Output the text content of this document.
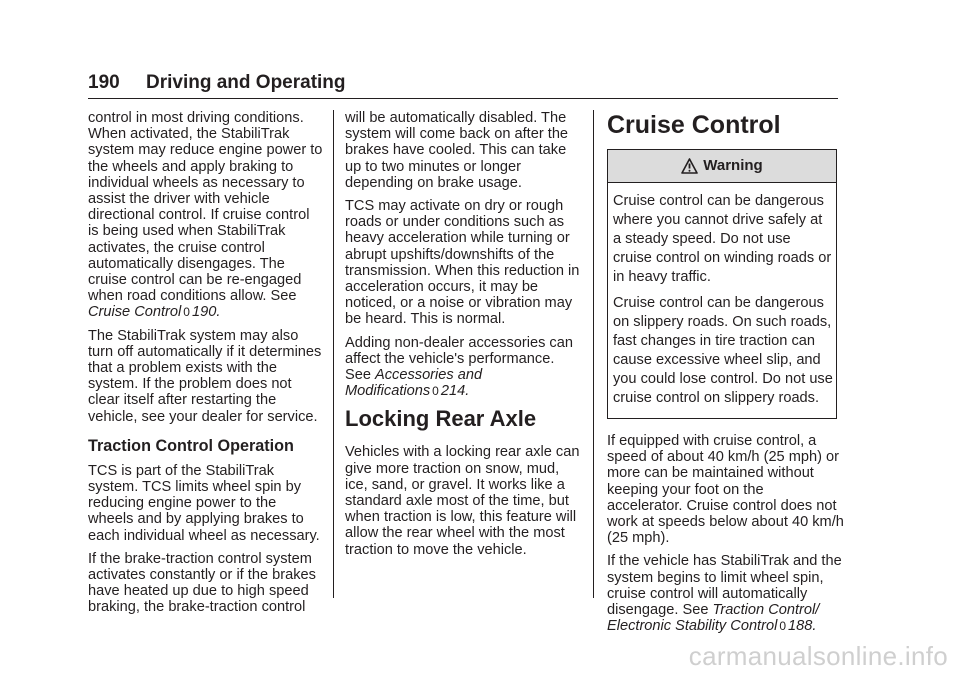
190 Driving and Operating

control in most driving conditions.
When activated, the StabiliTrak
system may reduce engine power to
the wheels and apply braking to
individual wheels as necessary to
assist the driver with vehicle
directional control. If cruise control
is being used when StabiliTrak
activates, the cruise control
automatically disengages. The
cruise control can be re-engaged
when road conditions allow. See
Cruise Control 0 190.

The StabiliTrak system may also
turn off automatically if it determines
that a problem exists with the
system. If the problem does not
clear itself after restarting the
vehicle, see your dealer for service.

Traction Control Operation

TCS is part of the StabiliTrak
system. TCS limits wheel spin by
reducing engine power to the
wheels and by applying brakes to
each individual wheel as necessary.

If the brake-traction control system
activates constantly or if the brakes
have heated up due to high speed
braking, the brake-traction control

will be automatically disabled. The
system will come back on after the
brakes have cooled. This can take
up to two minutes or longer
depending on brake usage.

TCS may activate on dry or rough
roads or under conditions such as
heavy acceleration while turning or
abrupt upshifts/downshifts of the
transmission. When this reduction in
acceleration occurs, it may be
noticed, or a noise or vibration may
be heard. This is normal.

Adding non-dealer accessories can
affect the vehicle's performance.
See Accessories and
Modifications 0 214.

Locking Rear Axle

Vehicles with a locking rear axle can
give more traction on snow, mud,
ice, sand, or gravel. It works like a
standard axle most of the time, but
when traction is low, this feature will
allow the rear wheel with the most
traction to move the vehicle.

Cruise Control
Warning

Cruise control can be dangerous
where you cannot drive safely at
a steady speed. Do not use
cruise control on winding roads or
in heavy traffic.

Cruise control can be dangerous
on slippery roads. On such roads,
fast changes in tire traction can
cause excessive wheel slip, and
you could lose control. Do not use
cruise control on slippery roads.

If equipped with cruise control, a
speed of about 40 km/h (25 mph) or
more can be maintained without
keeping your foot on the
accelerator. Cruise control does not
work at speeds below about 40 km/h
(25 mph).

If the vehicle has StabiliTrak and the
system begins to limit wheel spin,
cruise control will automatically
disengage. See Traction Control/
Electronic Stability Control 0 188.

carmanualsonline.info
